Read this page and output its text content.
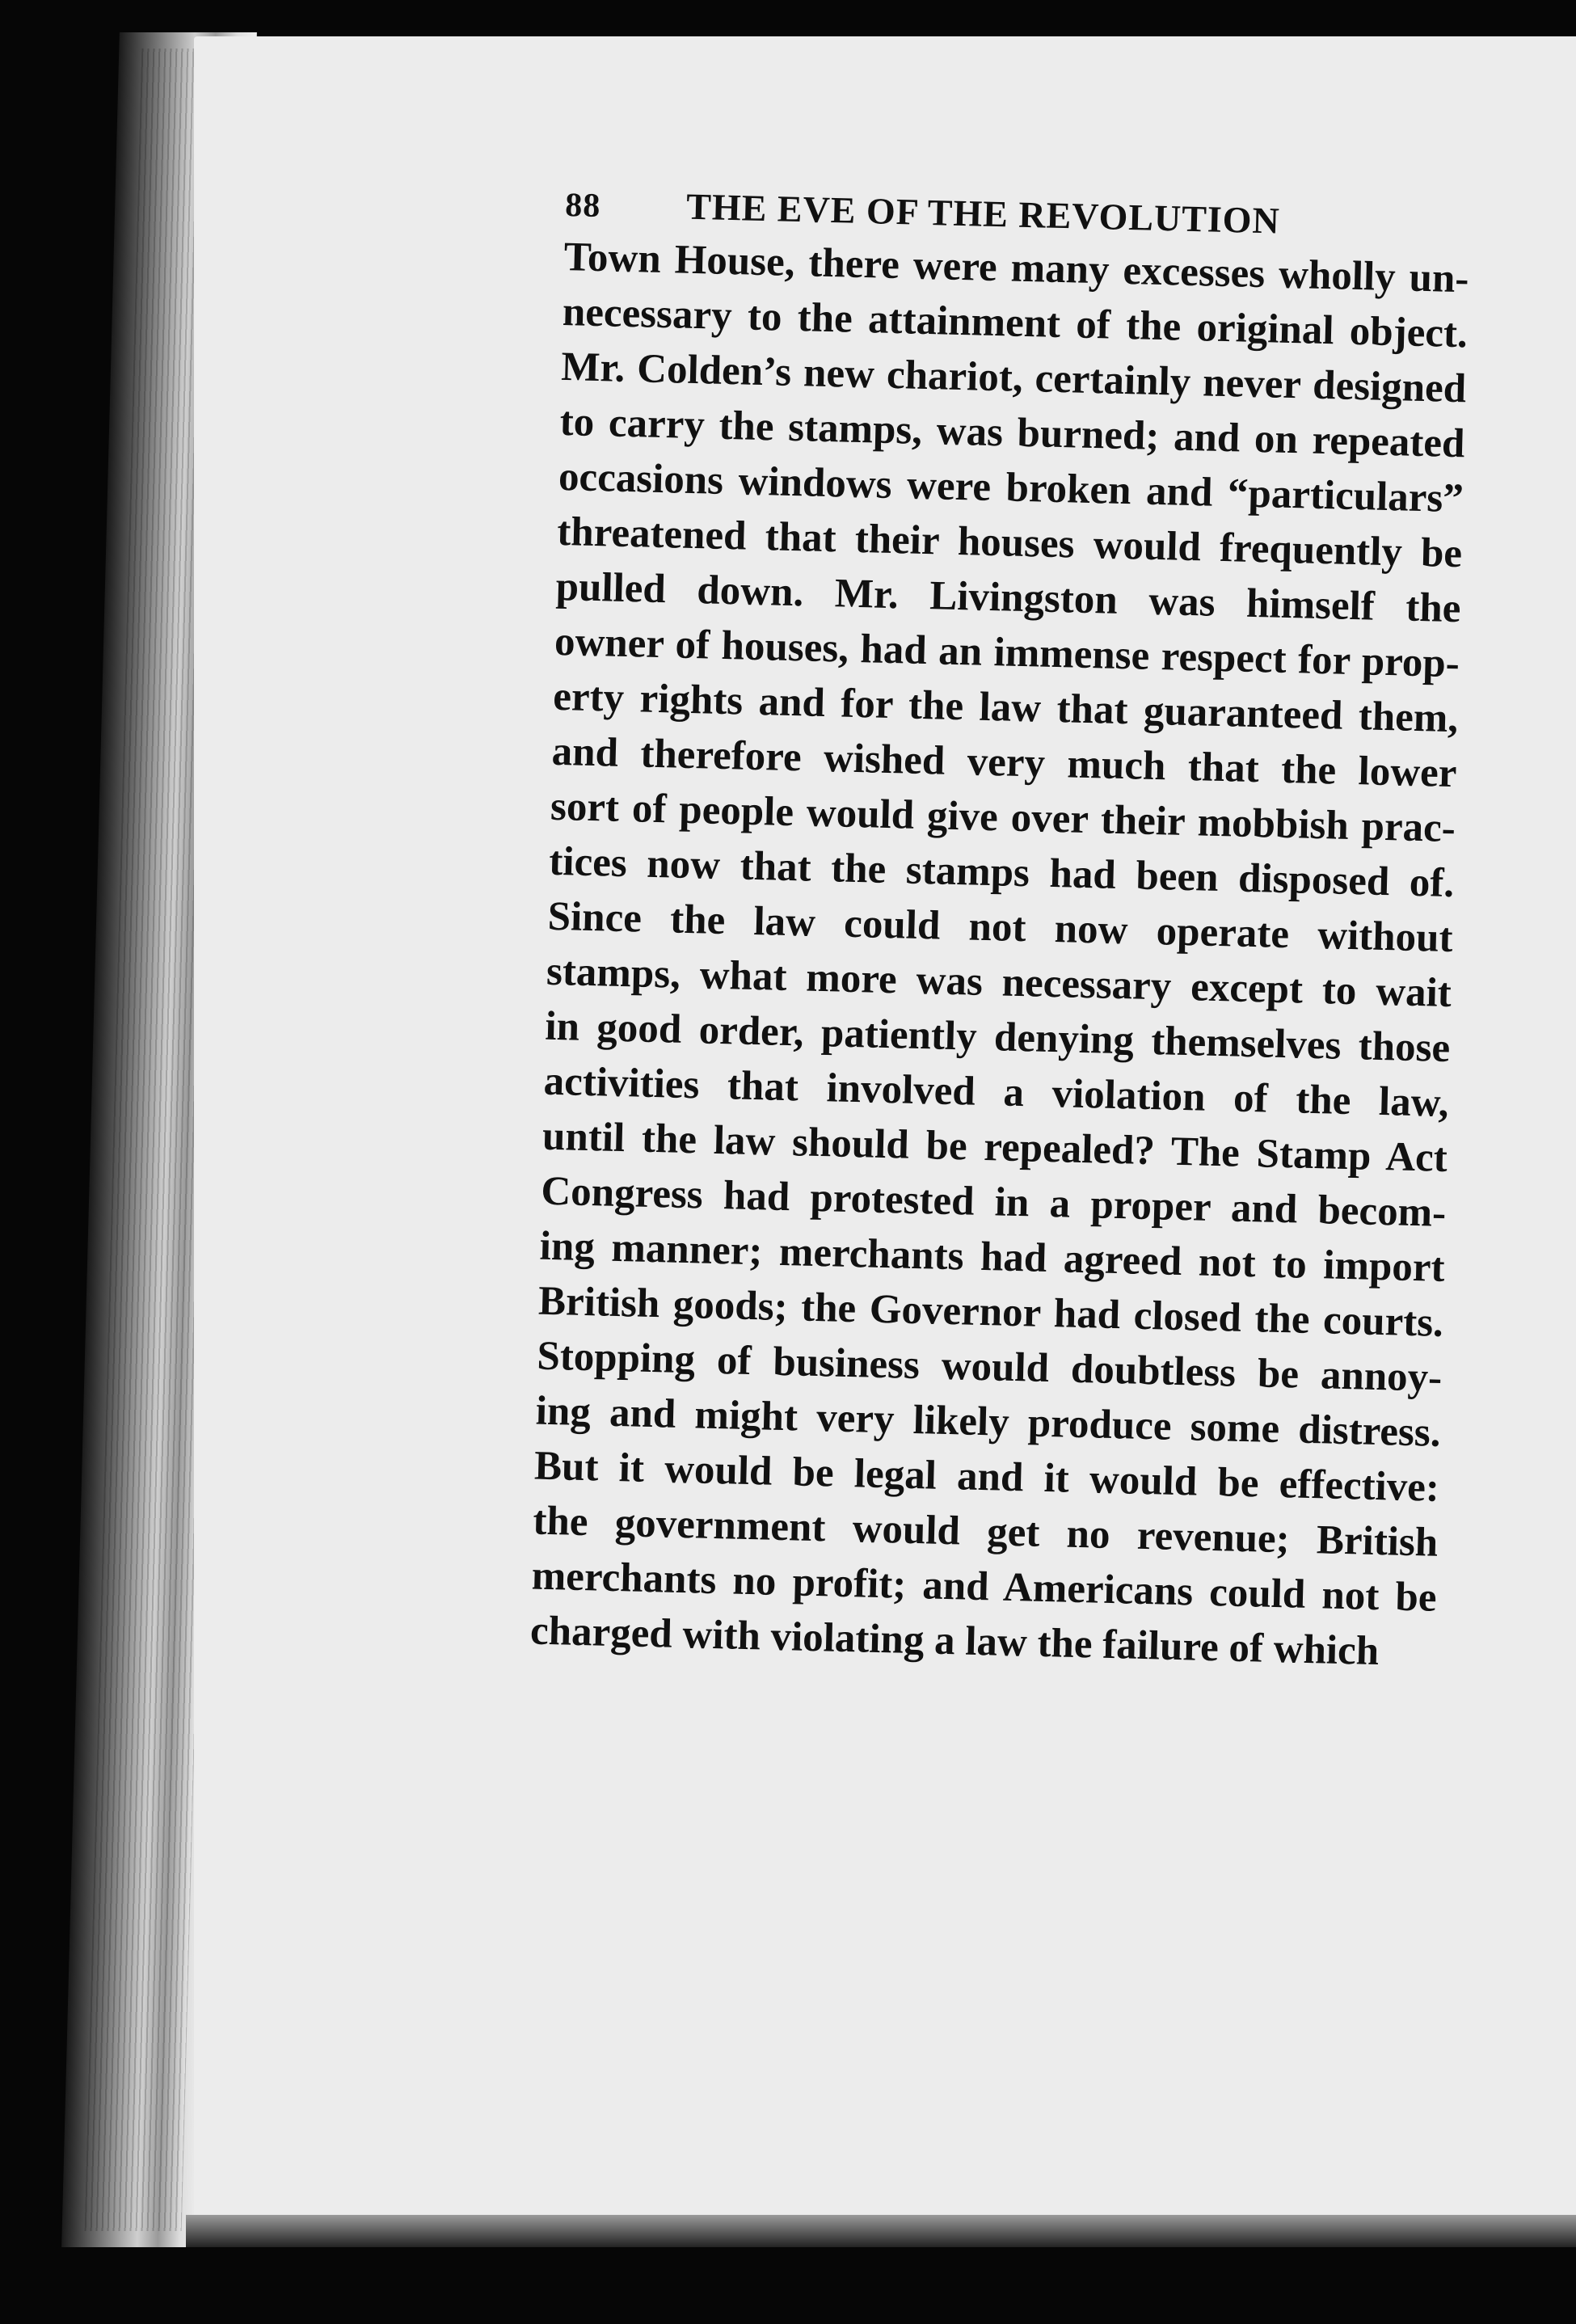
88	THE EVE OF THE REVOLUTION
Town House, there were many excesses wholly un-
necessary to the attainment of the original object.
Mr. Colden’s new chariot, certainly never designed
to carry the stamps, was burned; and on repeated
occasions windows were broken and “particulars”
threatened that their houses would frequently be
pulled down. Mr. Livingston was himself the
owner of houses, had an immense respect for prop-
erty rights and for the law that guaranteed them,
and therefore wished very much that the lower
sort of people would give over their mobbish prac-
tices now that the stamps had been disposed of.
Since the law could not now operate without
stamps, what more was necessary except to wait
in good order, patiently denying themselves those
activities that involved a violation of the law,
until the law should be repealed? The Stamp Act
Congress had protested in a proper and becom-
ing manner; merchants had agreed not to import
British goods; the Governor had closed the courts.
Stopping of business would doubtless be annoy-
ing and might very likely produce some distress.
But it would be legal and it would be effective:
the government would get no revenue; British
merchants no profit; and Americans could not be
charged with violating a law the failure of which
